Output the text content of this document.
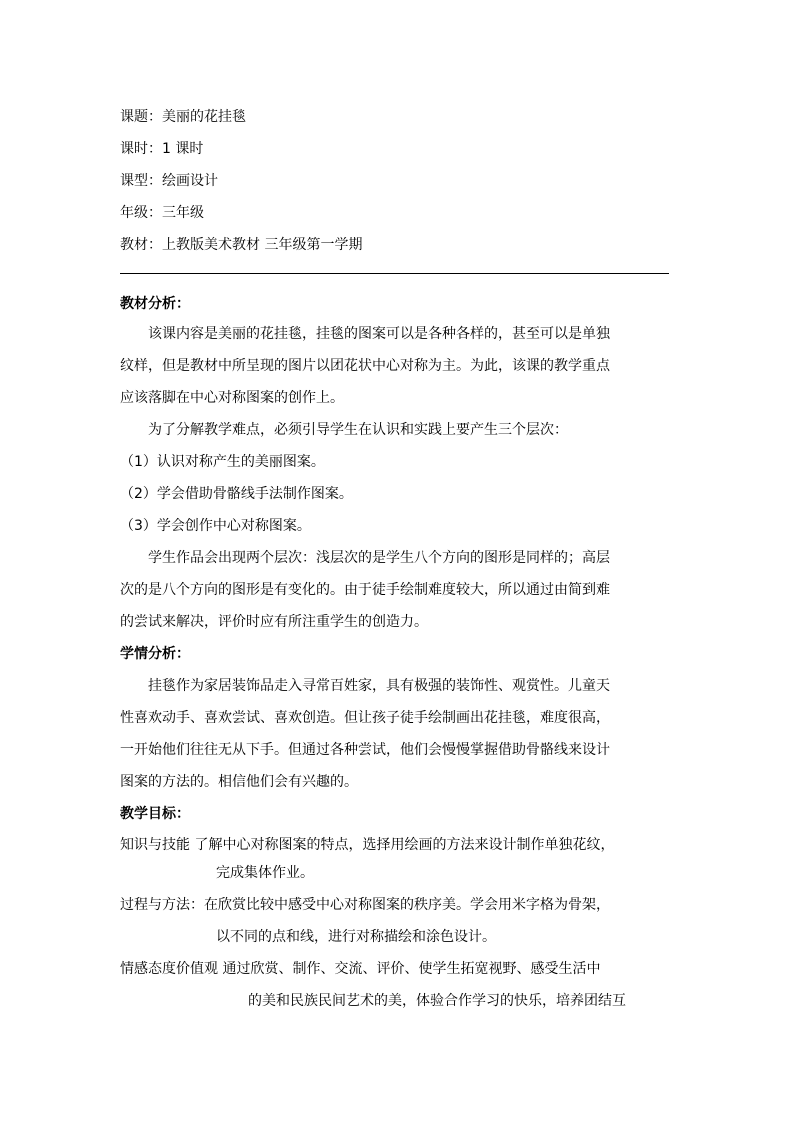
课题：美丽的花挂毯
课时：1 课时
课型：绘画设计
年级：三年级
教材：上教版美术教材 三年级第一学期
教材分析：
该课内容是美丽的花挂毯，挂毯的图案可以是各种各样的，甚至可以是单独
纹样，但是教材中所呈现的图片以团花状中心对称为主。为此，该课的教学重点
应该落脚在中心对称图案的创作上。
为了分解教学难点，必须引导学生在认识和实践上要产生三个层次：
（1）认识对称产生的美丽图案。
（2）学会借助骨骼线手法制作图案。
（3）学会创作中心对称图案。
学生作品会出现两个层次：浅层次的是学生八个方向的图形是同样的；高层
次的是八个方向的图形是有变化的。由于徒手绘制难度较大，所以通过由简到难
的尝试来解决，评价时应有所注重学生的创造力。
学情分析：
挂毯作为家居装饰品走入寻常百姓家，具有极强的装饰性、观赏性。儿童天
性喜欢动手、喜欢尝试、喜欢创造。但让孩子徒手绘制画出花挂毯，难度很高，
一开始他们往往无从下手。但通过各种尝试，他们会慢慢掌握借助骨骼线来设计
图案的方法的。相信他们会有兴趣的。
教学目标：
知识与技能 了解中心对称图案的特点，选择用绘画的方法来设计制作单独花纹，
完成集体作业。
过程与方法：在欣赏比较中感受中心对称图案的秩序美。学会用米字格为骨架，
以不同的点和线，进行对称描绘和涂色设计。
情感态度价值观 通过欣赏、制作、交流、评价、使学生拓宽视野、感受生活中
的美和民族民间艺术的美，体验合作学习的快乐，培养团结互
